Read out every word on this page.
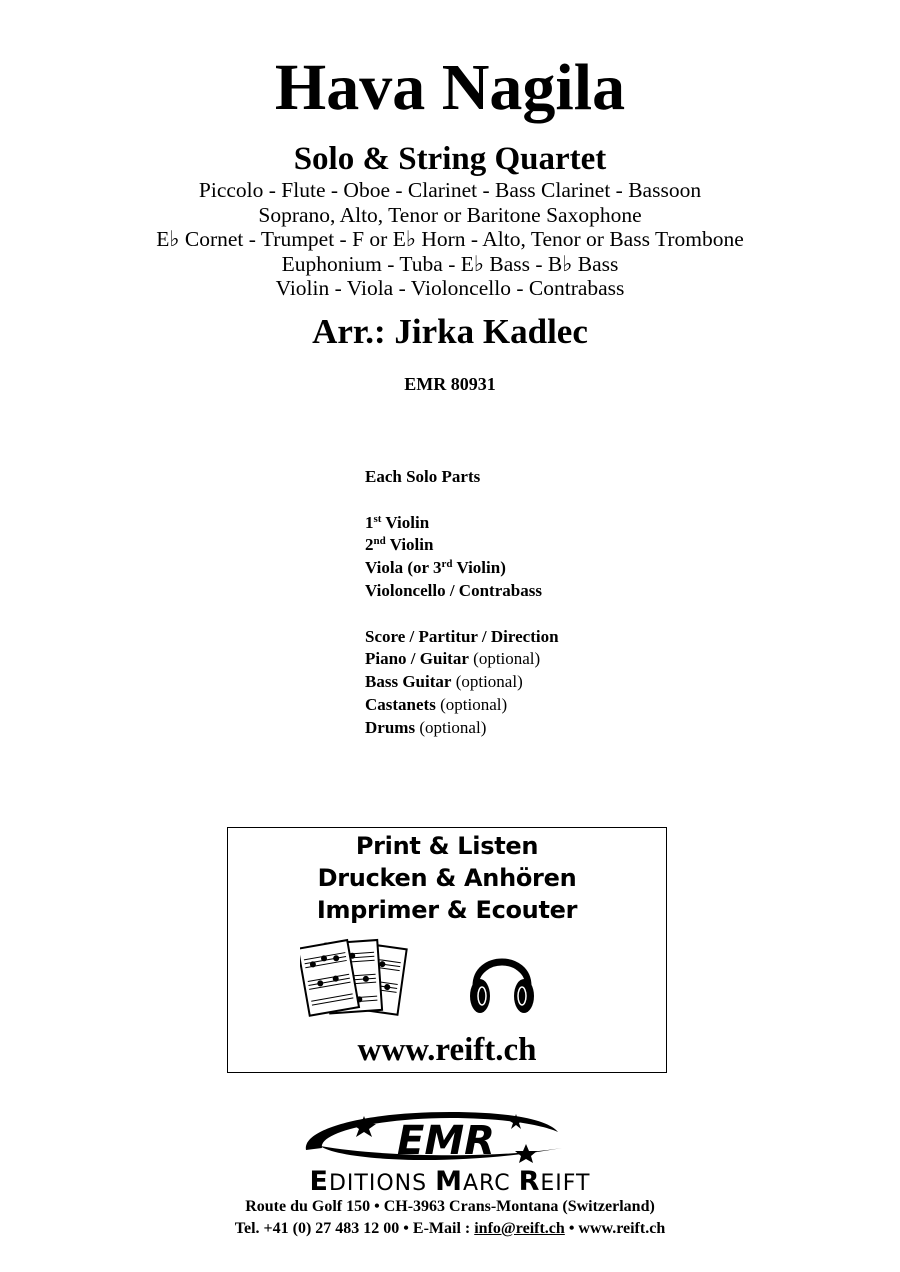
Hava Nagila
Solo & String Quartet
Piccolo - Flute - Oboe - Clarinet - Bass Clarinet - Bassoon
Soprano, Alto, Tenor or Baritone Saxophone
E♭ Cornet - Trumpet - F or E♭ Horn - Alto, Tenor or Bass Trombone
Euphonium - Tuba - E♭ Bass - B♭ Bass
Violin - Viola - Violoncello - Contrabass
Arr.: Jirka Kadlec
EMR 80931
Each Solo Parts
1st Violin
2nd Violin
Viola (or 3rd Violin)
Violoncello / Contrabass
Score / Partitur / Direction
Piano / Guitar (optional)
Bass Guitar (optional)
Castanets (optional)
Drums (optional)
Print & Listen
Drucken & Anhören
Imprimer & Ecouter
www.reift.ch
EMR
EDITIONS MARC REIFT
Route du Golf 150 • CH-3963 Crans-Montana (Switzerland)
Tel. +41 (0) 27 483 12 00 • E-Mail : info@reift.ch • www.reift.ch
